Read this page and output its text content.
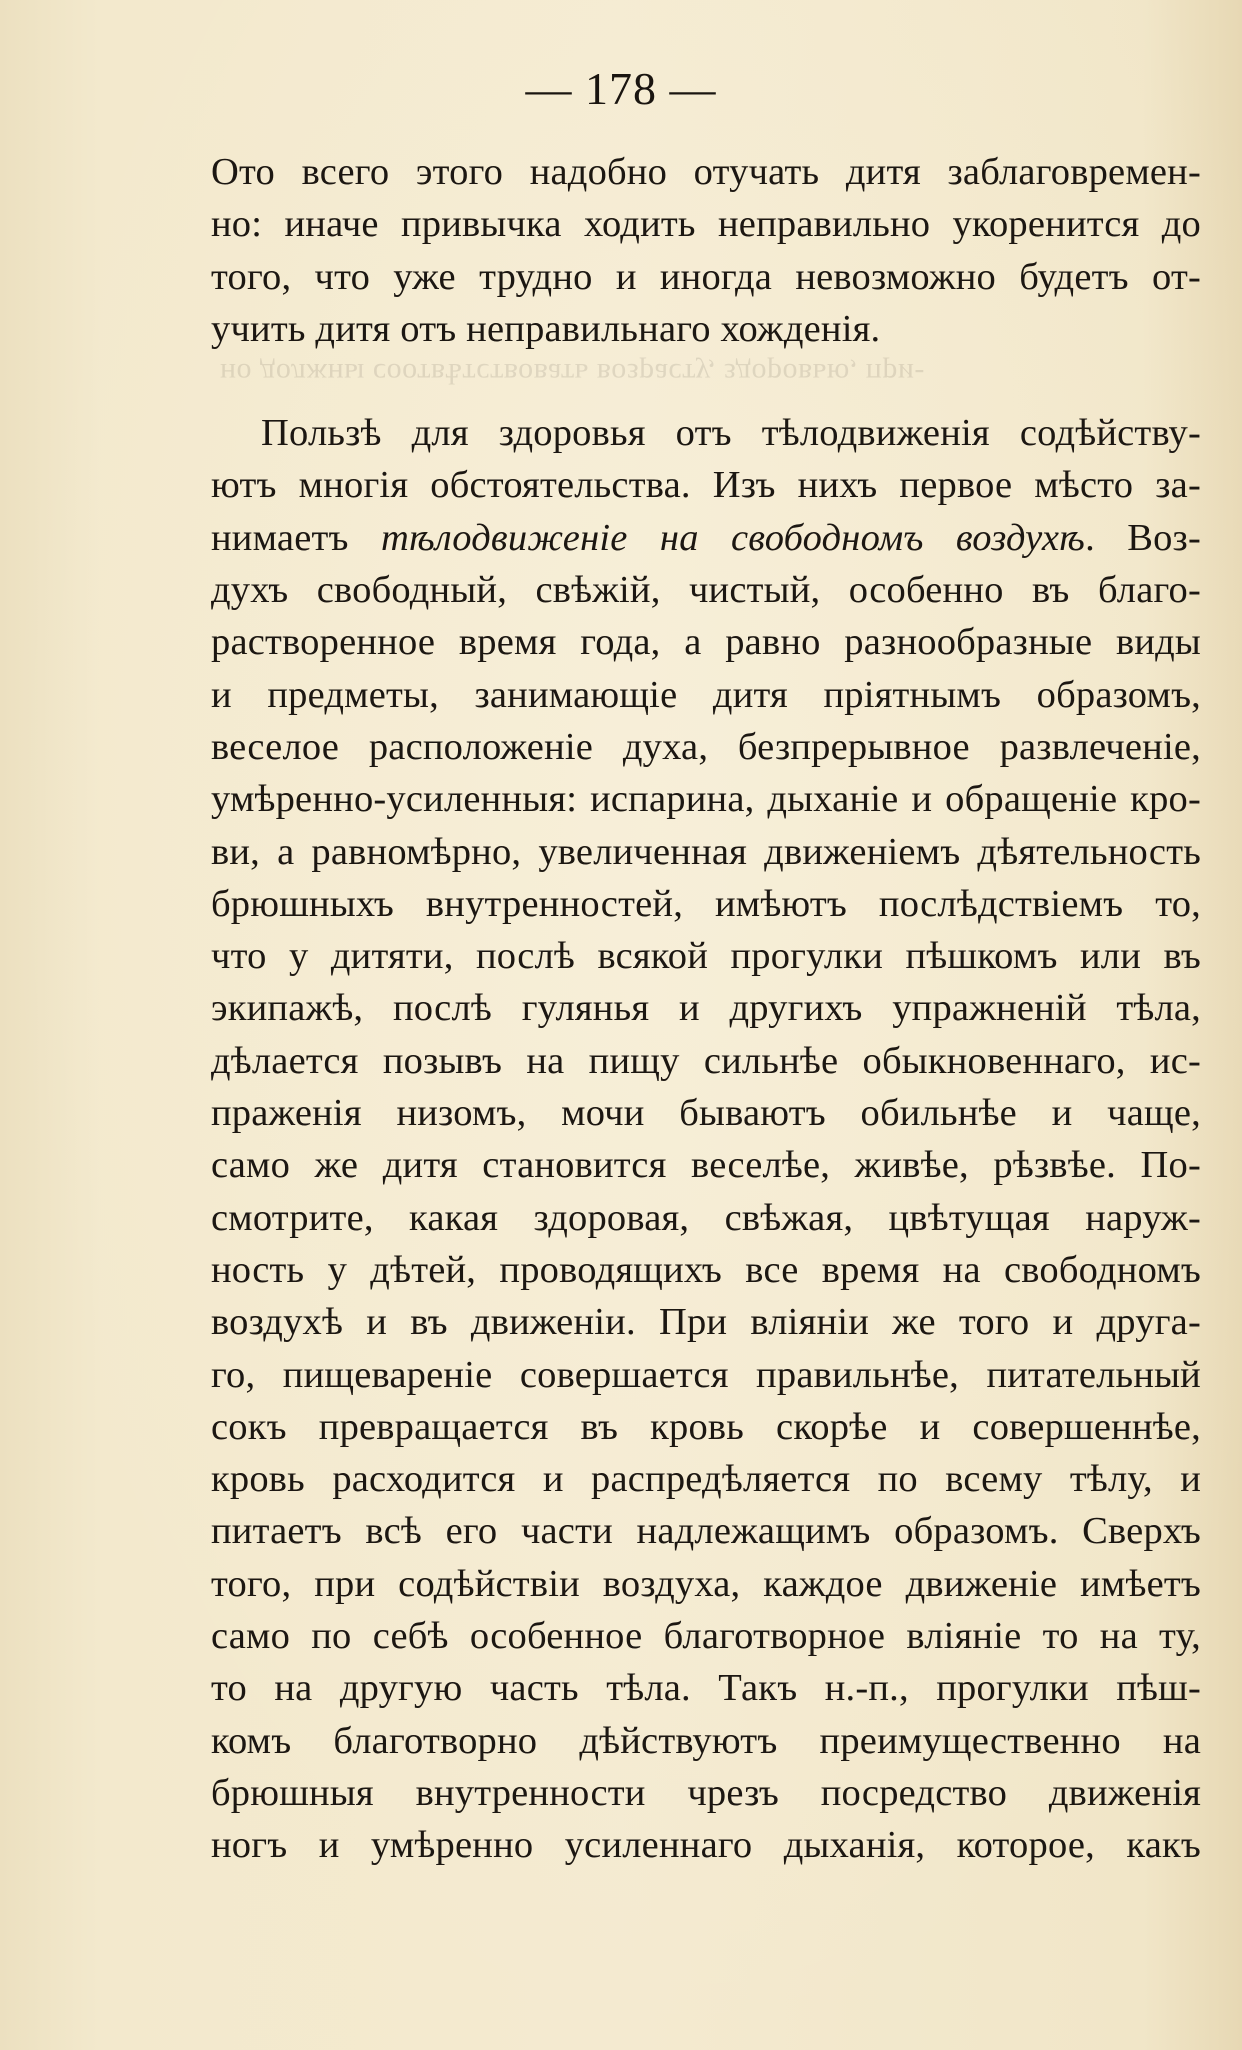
но должны соотвѣтствовать возрасту, здоровью, при-
— 178 —
Ото всего этого надобно отучать дитя заблаговремен-
но: иначе привычка ходить неправильно укоренится до
того, что уже трудно и иногда невозможно будетъ от-
учить дитя отъ неправильнаго хожденія.
Пользѣ для здоровья отъ тѣлодвиженія содѣйству-
ютъ многія обстоятельства. Изъ нихъ первое мѣсто за-
нимаетъ тѣлодвиженіе на свободномъ воздухѣ. Воз-
духъ свободный, свѣжій, чистый, особенно въ благо-
растворенное время года, а равно разнообразные виды
и предметы, занимающіе дитя пріятнымъ образомъ,
веселое расположеніе духа, безпрерывное развлеченіе,
умѣренно-усиленныя: испарина, дыханіе и обращеніе кро-
ви, а равномѣрно, увеличенная движеніемъ дѣятельность
брюшныхъ внутренностей, имѣютъ послѣдствіемъ то,
что у дитяти, послѣ всякой прогулки пѣшкомъ или въ
экипажѣ, послѣ гулянья и другихъ упражненій тѣла,
дѣлается позывъ на пищу сильнѣе обыкновеннаго, ис-
праженія низомъ, мочи бываютъ обильнѣе и чаще,
само же дитя становится веселѣе, живѣе, рѣзвѣе. По-
смотрите, какая здоровая, свѣжая, цвѣтущая наруж-
ность у дѣтей, проводящихъ все время на свободномъ
воздухѣ и въ движеніи. При вліяніи же того и друга-
го, пищевареніе совершается правильнѣе, питательный
сокъ превращается въ кровь скорѣе и совершеннѣе,
кровь расходится и распредѣляется по всему тѣлу, и
питаетъ всѣ его части надлежащимъ образомъ. Сверхъ
того, при содѣйствіи воздуха, каждое движеніе имѣетъ
само по себѣ особенное благотворное вліяніе то на ту,
то на другую часть тѣла. Такъ н.-п., прогулки пѣш-
комъ благотворно дѣйствуютъ преимущественно на
брюшныя внутренности чрезъ посредство движенія
ногъ и умѣренно усиленнаго дыханія, которое, какъ
